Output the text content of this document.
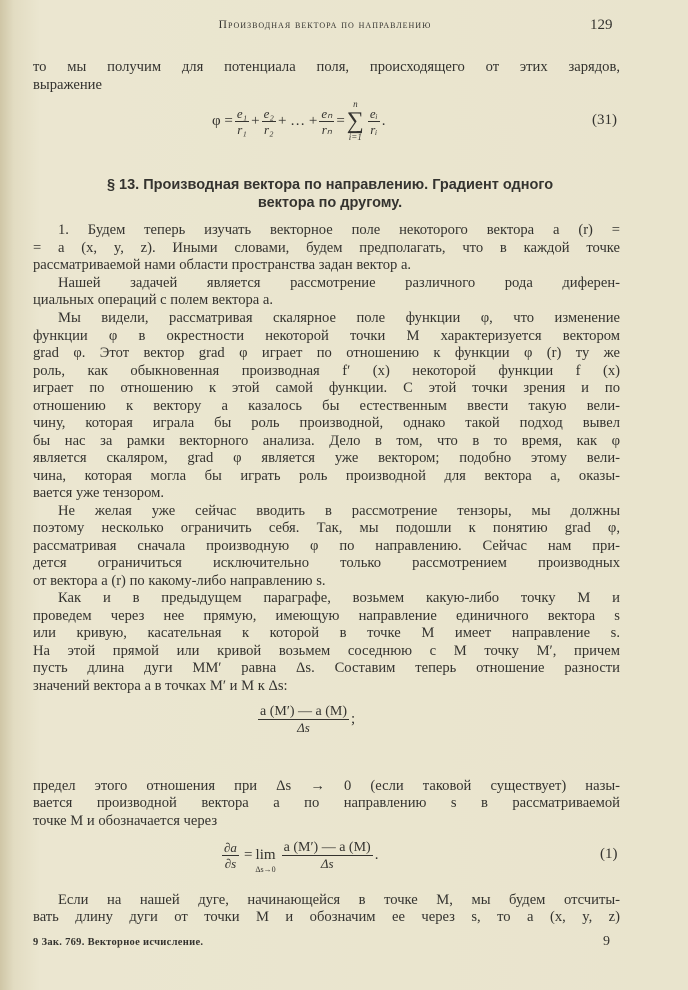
Производная вектора по направлению	129
то мы получим для потенциала поля, происходящего от этих зарядов,
выражение
$\varphi = \frac{\text{e₁}}{\text{r₁}} + \frac{\text{e₂}}{\text{r₂}}$ + … + $\frac{\text{eₙ}}{\text{rₙ}}$ =
n
∑
i=1
eᵢ
rᵢ
.	(31)
§ 13. Производная вектора по направлению. Градиент одного
вектора по другому.
1. Будем теперь изучать векторное поле некоторого вектора a (r) =
= a (x, y, z). Иными словами, будем предполагать, что в каждой точке
рассматриваемой нами области пространства задан вектор a.
Нашей задачей является рассмотрение различного рода диферен-
циальных операций с полем вектора a.
Мы видели, рассматривая скалярное поле функции φ, что изменение
функции φ в окрестности некоторой точки M характеризуется вектором
grad φ. Этот вектор grad φ играет по отношению к функции φ (r) ту же
роль, как обыкновенная производная f′ (x) некоторой функции f (x)
играет по отношению к этой самой функции. С этой точки зрения и по
отношению к вектору a казалось бы естественным ввести такую вели-
чину, которая играла бы роль производной, однако такой подход вывел
бы нас за рамки векторного анализа. Дело в том, что в то время, как φ
является скаляром, grad φ является уже вектором; подобно этому вели-
чина, которая могла бы играть роль производной для вектора a, оказы-
вается уже тензором.
Не желая уже сейчас вводить в рассмотрение тензоры, мы должны
поэтому несколько ограничить себя. Так, мы подошли к понятию grad φ,
рассматривая сначала производную φ по направлению. Сейчас нам при-
дется ограничиться исключительно только рассмотрением производных
от вектора a (r) по какому-либо направлению s.
Как и в предыдущем параграфе, возьмем какую-либо точку M и
проведем через нее прямую, имеющую направление единичного вектора s
или кривую, касательная к которой в точке M имеет направление s.
На этой прямой или кривой возьмем соседнюю с M точку M′, причем
пусть длина дуги MM′ равна Δs. Составим теперь отношение разности
значений вектора a в точках M′ и M к Δs:
a (M′) — a (M)
Δs
;
предел этого отношения при Δs → 0 (если таковой существует) назы-
вается производной вектора a по направлению s в рассматриваемой
точке M и обозначается через
$\frac{\partial a}{\partial s} = \lim$
Δs→0
a (M′) — a (M)
Δs
.	(1)
Если на нашей дуге, начинающейся в точке M, мы будем отсчиты-
вать длину дуги от точки M и обозначим ее через s, то a (x, y, z)
9 Зак. 769. Векторное исчисление.	9
